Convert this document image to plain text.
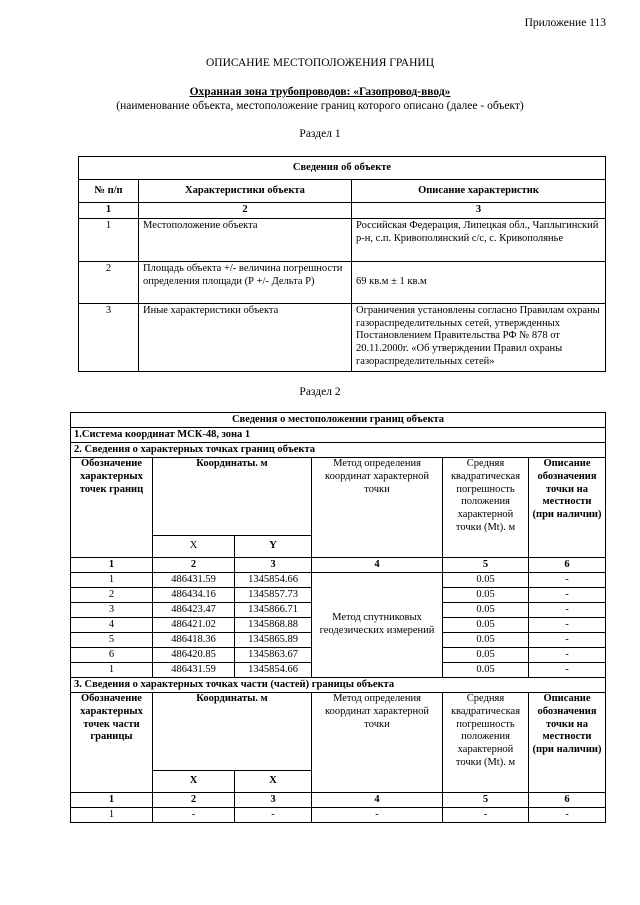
Приложение 113
ОПИСАНИЕ МЕСТОПОЛОЖЕНИЯ ГРАНИЦ
Охранная зона трубопроводов: «Газопровод-ввод»
(наименование объекта, местоположение границ которого описано (далее - объект)
Раздел 1
Сведения об объекте		
№ п/п	Характеристики объекта	Описание характеристик
1	2	3
1	Местоположение объекта	Российская Федерация, Липецкая обл., Чаплыгинский р-н, с.п. Кривополянский с/с, с. Кривополянье
2	Площадь объекта +/- величина погрешности определения площади (Р +/- Дельта Р)	69 кв.м ± 1 кв.м
3	Иные характеристики объекта	Ограничения установлены согласно Правилам охраны газораспределительных сетей, утвержденных Постановлением Правительства РФ № 878 от 20.11.2000г. «Об утверждении Правил охраны газораспределительных сетей»
Раздел 2
Сведения о местоположении границ объекта					
1.Система координат МСК-48, зона 1					
2. Сведения о характерных точках границ объекта					
Обозначение характерных точек границ	Координаты. м		Метод определения координат характерной точки	Средняя квадратическая погрешность положения характерной точки (Mt). м	Описание обозначения точки на местности (при наличии)
	X	Y			
1	2	3	4	5	6
1	486431.59	1345854.66	Метод спутниковых геодезических измерений	0.05	-
2	486434.16	1345857.73		0.05	-
3	486423.47	1345866.71		0.05	-
4	486421.02	1345868.88		0.05	-
5	486418.36	1345865.89		0.05	-
6	486420.85	1345863.67		0.05	-
1	486431.59	1345854.66		0.05	-
3. Сведения о характерных точках части (частей) границы объекта					
Обозначение характерных точек части границы	Координаты. м		Метод определения координат характерной точки	Средняя квадратическая погрешность положения характерной точки (Mt). м	Описание обозначения точки на местности (при наличии)
	X	X			
1	2	3	4	5	6
1	-	-	-	-	-
